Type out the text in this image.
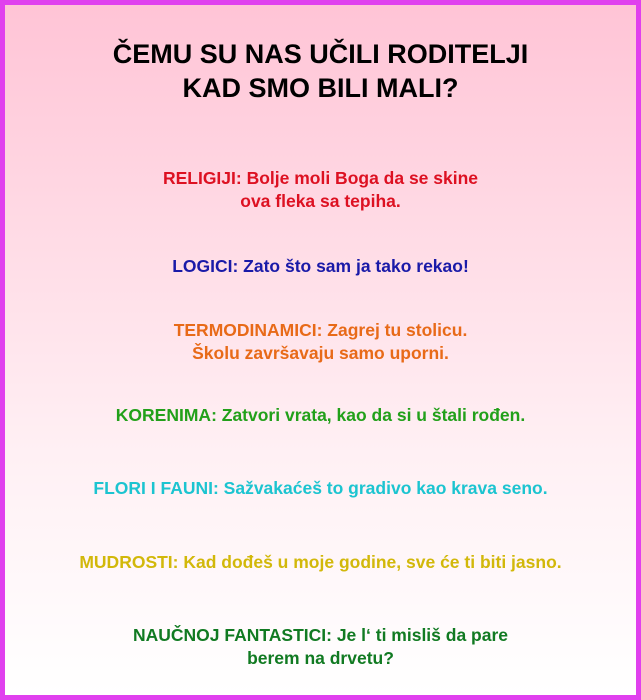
ČEMU SU NAS UČILI RODITELJI
KAD SMO BILI MALI?

RELIGIJI: Bolje moli Boga da se skine
ova fleka sa tepiha.

LOGICI: Zato što sam ja tako rekao!

TERMODINAMICI: Zagrej tu stolicu.
Školu završavaju samo uporni.

KORENIMA: Zatvori vrata, kao da si u štali rođen.

FLORI I FAUNI: Sažvakaćeš to gradivo kao krava seno.

MUDROSTI: Kad dođeš u moje godine, sve će ti biti jasno.

NAUČNOJ FANTASTICI: Je l‘ ti misliš da pare
berem na drvetu?
